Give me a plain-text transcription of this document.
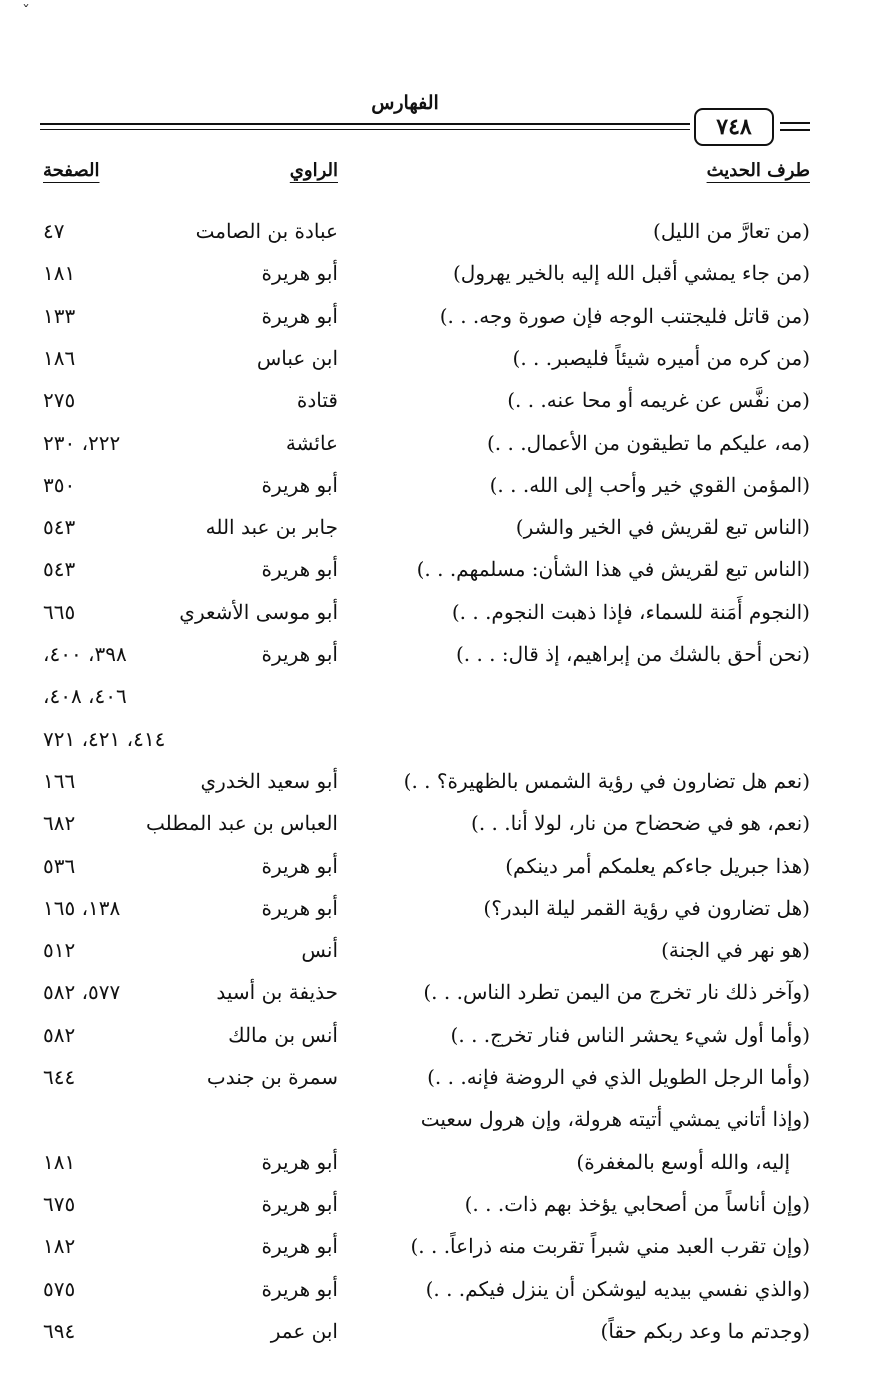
ˇ
الفهارس
٧٤٨
طرف الحديث
الراوي
الصفحة
(من تعارَّ من الليل)
عبادة بن الصامت
٤٧
(من جاء يمشي أقبل الله إليه بالخير يهرول)
أبو هريرة
١٨١
(من قاتل فليجتنب الوجه فإن صورة وجه. . .)
أبو هريرة
١٣٣
(من كره من أميره شيئاً فليصبر. . .)
ابن عباس
١٨٦
(من نفَّس عن غريمه أو محا عنه. . .)
قتادة
٢٧٥
(مه، عليكم ما تطيقون من الأعمال. . .)
عائشة
٢٢٢، ٢٣٠
(المؤمن القوي خير وأحب إلى الله. . .)
أبو هريرة
٣٥٠
(الناس تبع لقريش في الخير والشر)
جابر بن عبد الله
٥٤٣
(الناس تبع لقريش في هذا الشأن: مسلمهم. . .)
أبو هريرة
٥٤٣
(النجوم أَمَنة للسماء، فإذا ذهبت النجوم. . .)
أبو موسى الأشعري
٦٦٥
(نحن أحق بالشك من إبراهيم، إذ قال: . . .)
أبو هريرة
٣٩٨، ٤٠٠،
٤٠٦، ٤٠٨،
٤١٤، ٤٢١، ٧٢١
(نعم هل تضارون في رؤية الشمس بالظهيرة؟ . .)
أبو سعيد الخدري
١٦٦
(نعم، هو في ضحضاح من نار، لولا أنا. . .)
العباس بن عبد المطلب
٦٨٢
(هذا جبريل جاءكم يعلمكم أمر دينكم)
أبو هريرة
٥٣٦
(هل تضارون في رؤية القمر ليلة البدر؟)
أبو هريرة
١٣٨، ١٦٥
(هو نهر في الجنة)
أنس
٥١٢
(وآخر ذلك نار تخرج من اليمن تطرد الناس. . .)
حذيفة بن أسيد
٥٧٧، ٥٨٢
(وأما أول شيء يحشر الناس فنار تخرج. . .)
أنس بن مالك
٥٨٢
(وأما الرجل الطويل الذي في الروضة فإنه. . .)
سمرة بن جندب
٦٤٤
(وإذا أتاني يمشي أتيته هرولة، وإن هرول سعيت
إليه، والله أوسع بالمغفرة)
أبو هريرة
١٨١
(وإن أناساً من أصحابي يؤخذ بهم ذات. . .)
أبو هريرة
٦٧٥
(وإن تقرب العبد مني شبراً تقربت منه ذراعاً. . .)
أبو هريرة
١٨٢
(والذي نفسي بيديه ليوشكن أن ينزل فيكم. . .)
أبو هريرة
٥٧٥
(وجدتم ما وعد ربكم حقاً)
ابن عمر
٦٩٤
